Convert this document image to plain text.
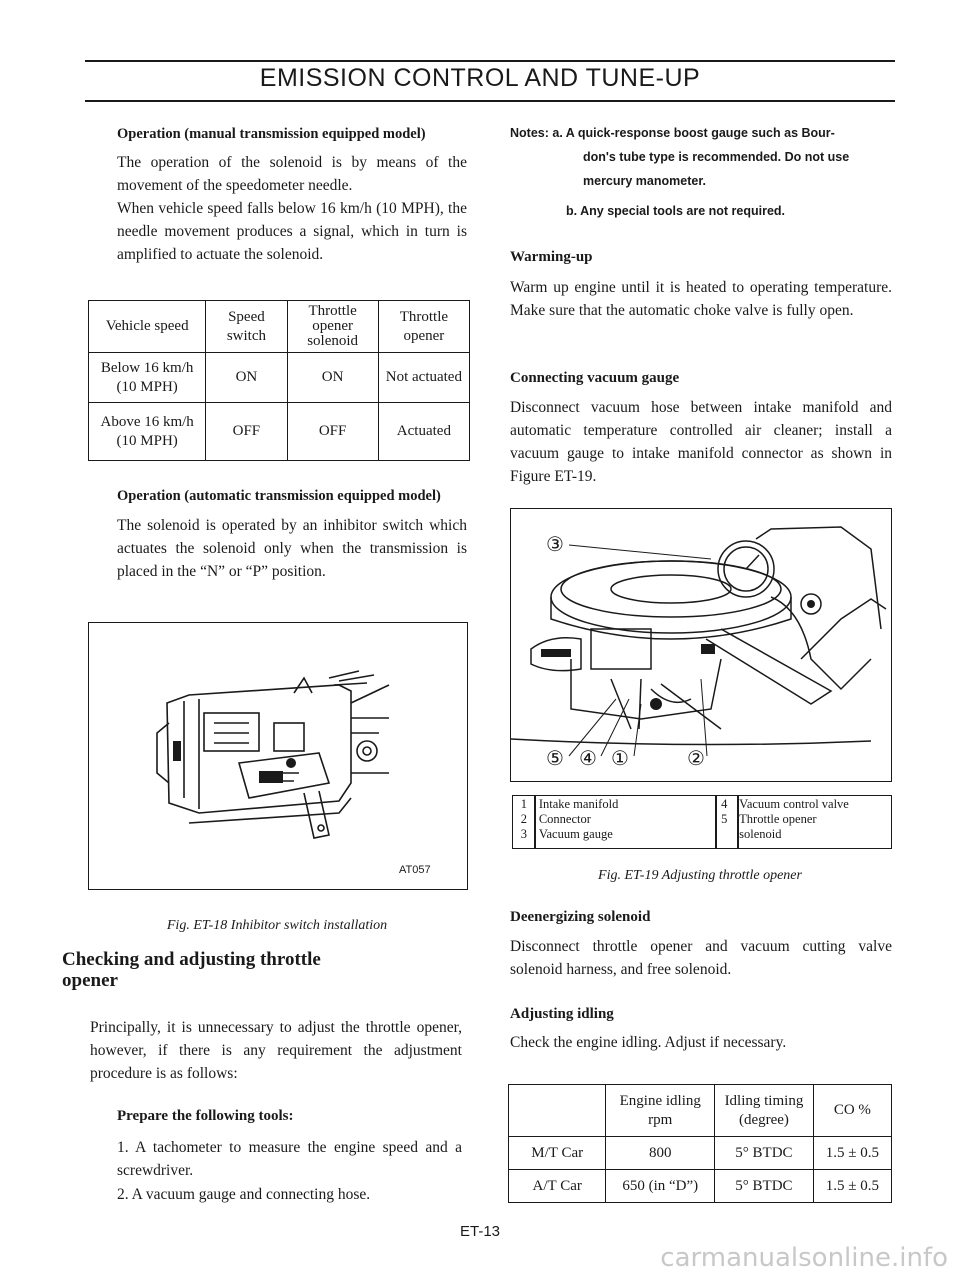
EMISSION CONTROL AND TUNE-UP
Operation (manual transmission equipped model)
The operation of the solenoid is by means of the movement of the speedometer needle.
When vehicle speed falls below 16 km/h (10 MPH), the needle movement produces a signal, which in turn is amplified to actuate the solenoid.
Vehicle speed	Speed switch	Throttle opener solenoid	Throttle opener
Below 16 km/h (10 MPH)	ON	ON	Not actuated
Above 16 km/h (10 MPH)	OFF	OFF	Actuated
Operation (automatic transmission equipped model)
The solenoid is operated by an inhibitor switch which actuates the solenoid only when the transmission is placed in the “N” or “P” position.
AT057
Fig. ET-18 Inhibitor switch installation
Checking and adjusting throttle
opener
Principally, it is unnecessary to adjust the throttle opener, however, if there is any requirement the adjustment procedure is as follows:
Prepare the following tools:
1. A tachometer to measure the engine speed and a screwdriver.
2. A vacuum gauge and connecting hose.
Notes: a. A quick-response boost gauge such as Bour-
don's tube type is recommended. Do not use
mercury manometer.
b. Any special tools are not required.
Warming-up
Warm up engine until it is heated to operating temperature. Make sure that the automatic choke valve is fully open.
Connecting vacuum gauge
Disconnect vacuum hose between intake manifold and automatic temperature controlled air cleaner; install a vacuum gauge to intake manifold connector as shown in Figure ET-19.
③
⑤ ④ ①	②
1	Intake manifold	4	Vacuum control valve
2	Connector	5	Throttle opener
3	Vacuum gauge		solenoid
Fig. ET-19 Adjusting throttle opener
Deenergizing solenoid
Disconnect throttle opener and vacuum cutting valve solenoid harness, and free solenoid.
Adjusting idling
Check the engine idling. Adjust if necessary.
	Engine idling rpm	Idling timing (degree)	CO %
M/T Car	800	5° BTDC	1.5 ± 0.5
A/T Car	650 (in “D”)	5° BTDC	1.5 ± 0.5
ET-13
carmanualsonline.info
